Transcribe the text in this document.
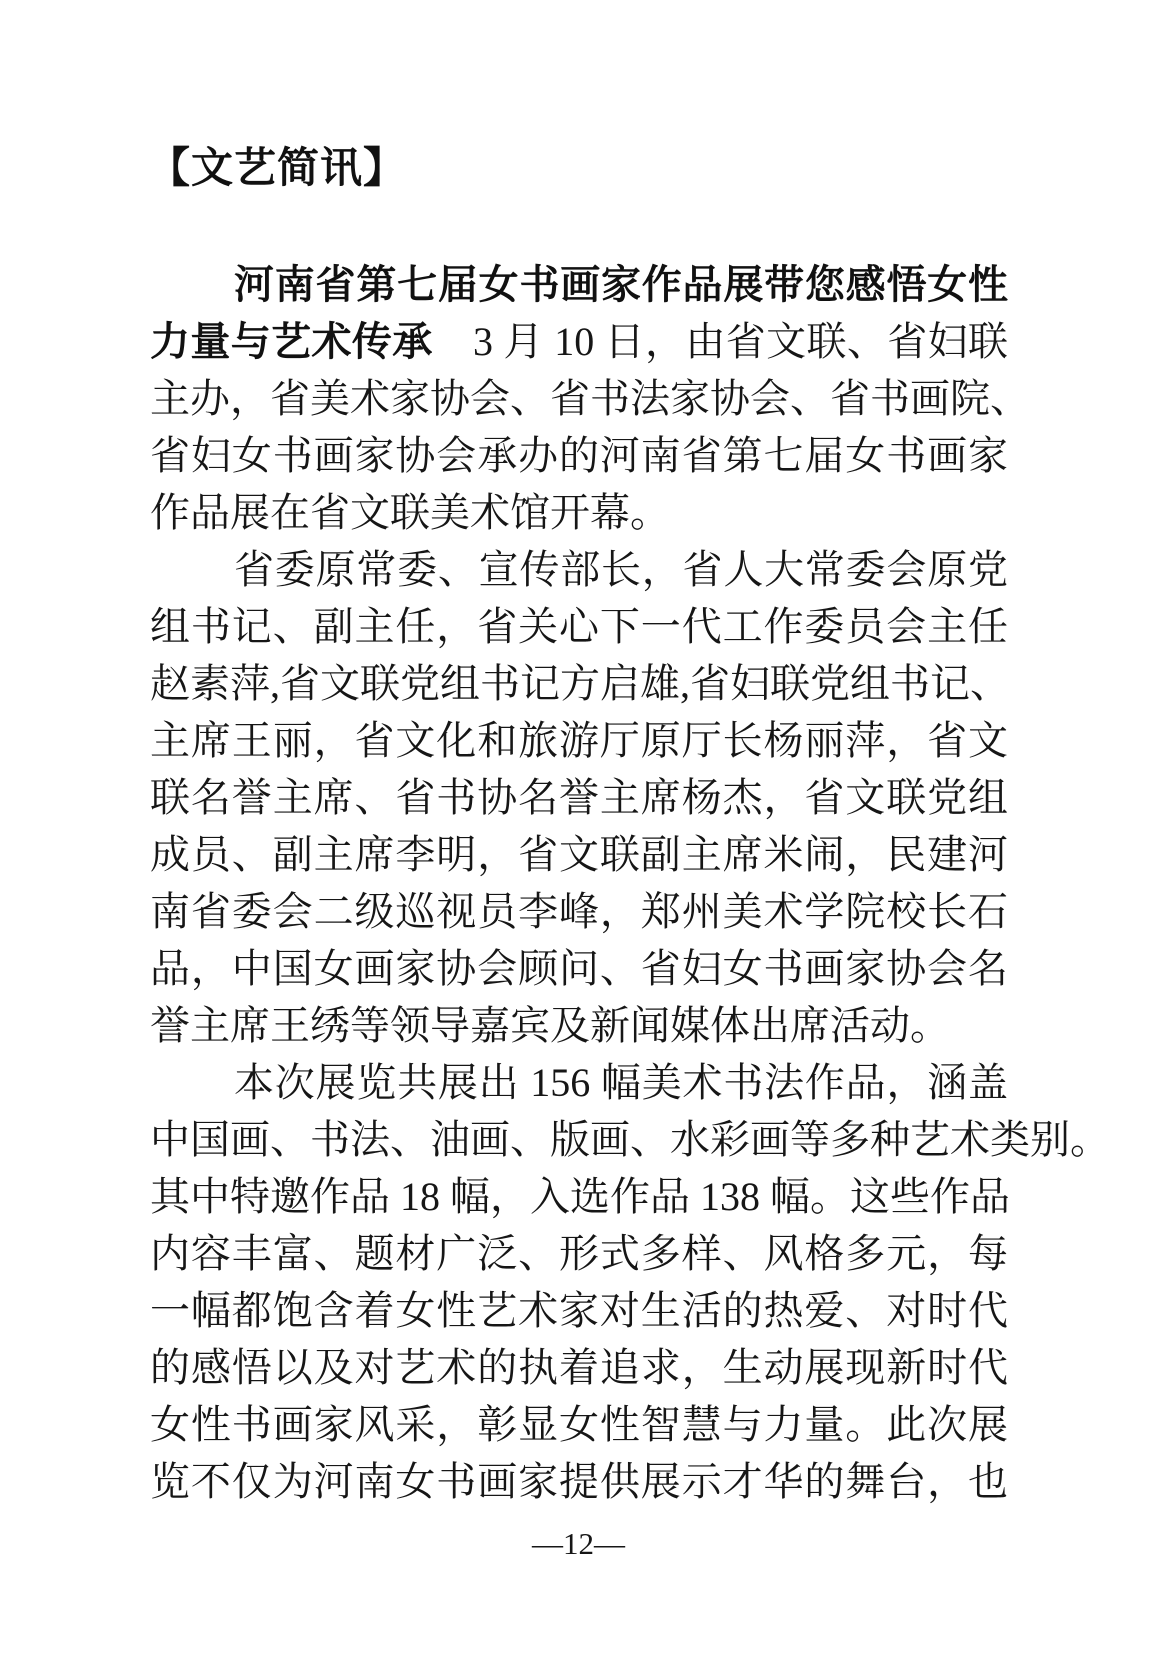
【文艺简讯】
河南省第七届女书画家作品展带您感悟女性
力量与艺术传承　3 月 10 日，由省文联、省妇联
主办，省美术家协会、省书法家协会、省书画院、
省妇女书画家协会承办的河南省第七届女书画家
作品展在省文联美术馆开幕。
省委原常委、宣传部长，省人大常委会原党
组书记、副主任，省关心下一代工作委员会主任
赵素萍,省文联党组书记方启雄,省妇联党组书记、
主席王丽，省文化和旅游厅原厅长杨丽萍，省文
联名誉主席、省书协名誉主席杨杰，省文联党组
成员、副主席李明，省文联副主席米闹，民建河
南省委会二级巡视员李峰，郑州美术学院校长石
品，中国女画家协会顾问、省妇女书画家协会名
誉主席王绣等领导嘉宾及新闻媒体出席活动。
本次展览共展出 156 幅美术书法作品，涵盖
中国画、书法、油画、版画、水彩画等多种艺术类别。
其中特邀作品 18 幅，入选作品 138 幅。这些作品
内容丰富、题材广泛、形式多样、风格多元，每
一幅都饱含着女性艺术家对生活的热爱、对时代
的感悟以及对艺术的执着追求，生动展现新时代
女性书画家风采，彰显女性智慧与力量。此次展
览不仅为河南女书画家提供展示才华的舞台，也
—12—
